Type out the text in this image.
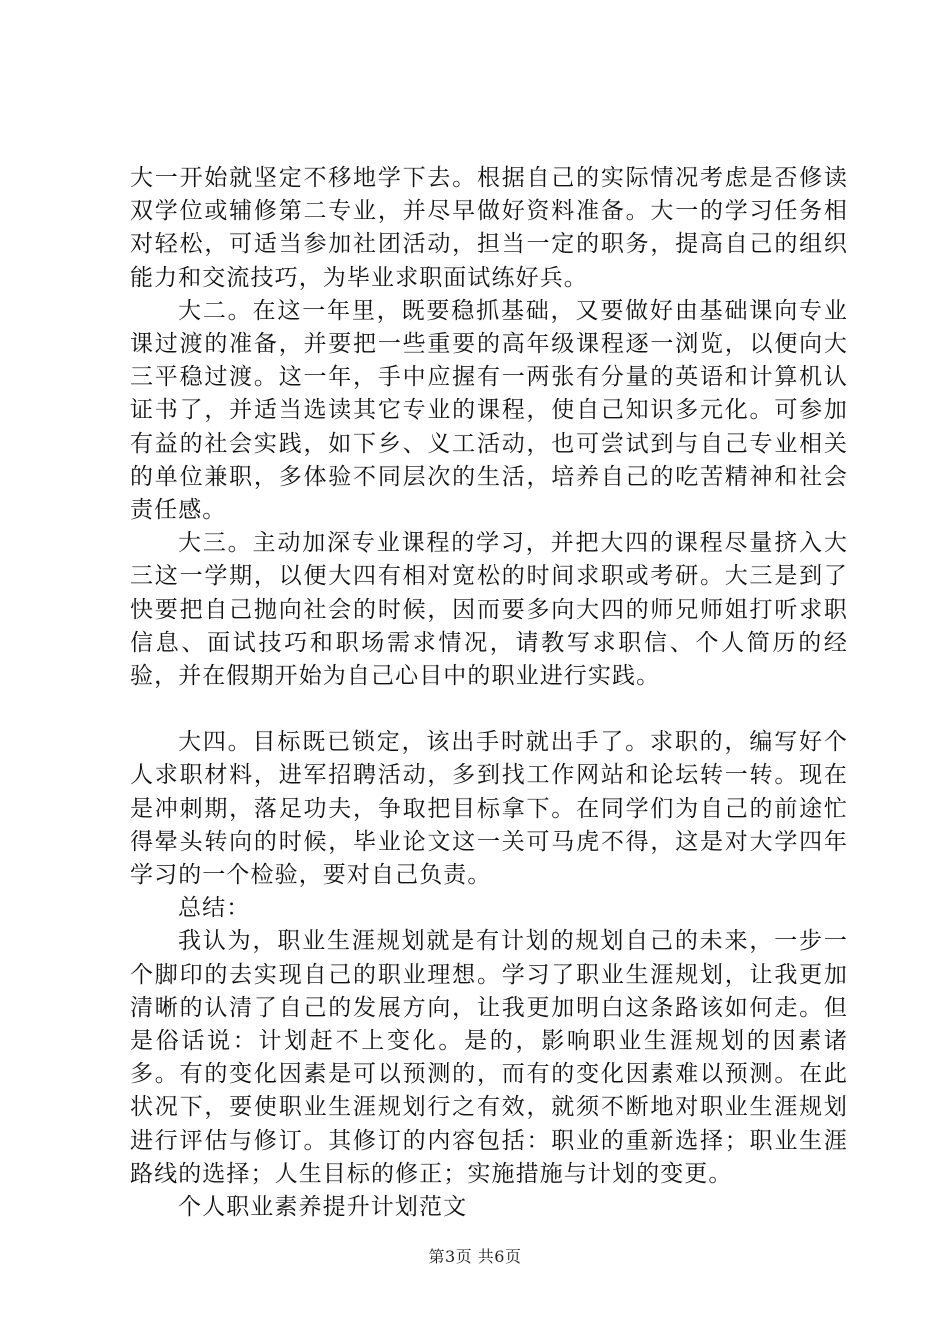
大一开始就坚定不移地学下去。根据自己的实际情况考虑是否修读双学位或辅修第二专业，并尽早做好资料准备。大一的学习任务相对轻松，可适当参加社团活动，担当一定的职务，提高自己的组织能力和交流技巧，为毕业求职面试练好兵。

大二。在这一年里，既要稳抓基础，又要做好由基础课向专业课过渡的准备，并要把一些重要的高年级课程逐一浏览，以便向大三平稳过渡。这一年，手中应握有一两张有分量的英语和计算机认证书了，并适当选读其它专业的课程，使自己知识多元化。可参加有益的社会实践，如下乡、义工活动，也可尝试到与自己专业相关的单位兼职，多体验不同层次的生活，培养自己的吃苦精神和社会责任感。

大三。主动加深专业课程的学习，并把大四的课程尽量挤入大三这一学期，以便大四有相对宽松的时间求职或考研。大三是到了快要把自己抛向社会的时候，因而要多向大四的师兄师姐打听求职信息、面试技巧和职场需求情况，请教写求职信、个人简历的经验，并在假期开始为自己心目中的职业进行实践。

大四。目标既已锁定，该出手时就出手了。求职的，编写好个人求职材料，进军招聘活动，多到找工作网站和论坛转一转。现在是冲刺期，落足功夫，争取把目标拿下。在同学们为自己的前途忙得晕头转向的时候，毕业论文这一关可马虎不得，这是对大学四年学习的一个检验，要对自己负责。

总结：

我认为，职业生涯规划就是有计划的规划自己的未来，一步一个脚印的去实现自己的职业理想。学习了职业生涯规划，让我更加清晰的认清了自己的发展方向，让我更加明白这条路该如何走。但是俗话说：计划赶不上变化。是的，影响职业生涯规划的因素诸多。有的变化因素是可以预测的，而有的变化因素难以预测。在此状况下，要使职业生涯规划行之有效，就须不断地对职业生涯规划进行评估与修订。其修订的内容包括：职业的重新选择；职业生涯路线的选择；人生目标的修正；实施措施与计划的变更。

个人职业素养提升计划范文

第3页 共6页
